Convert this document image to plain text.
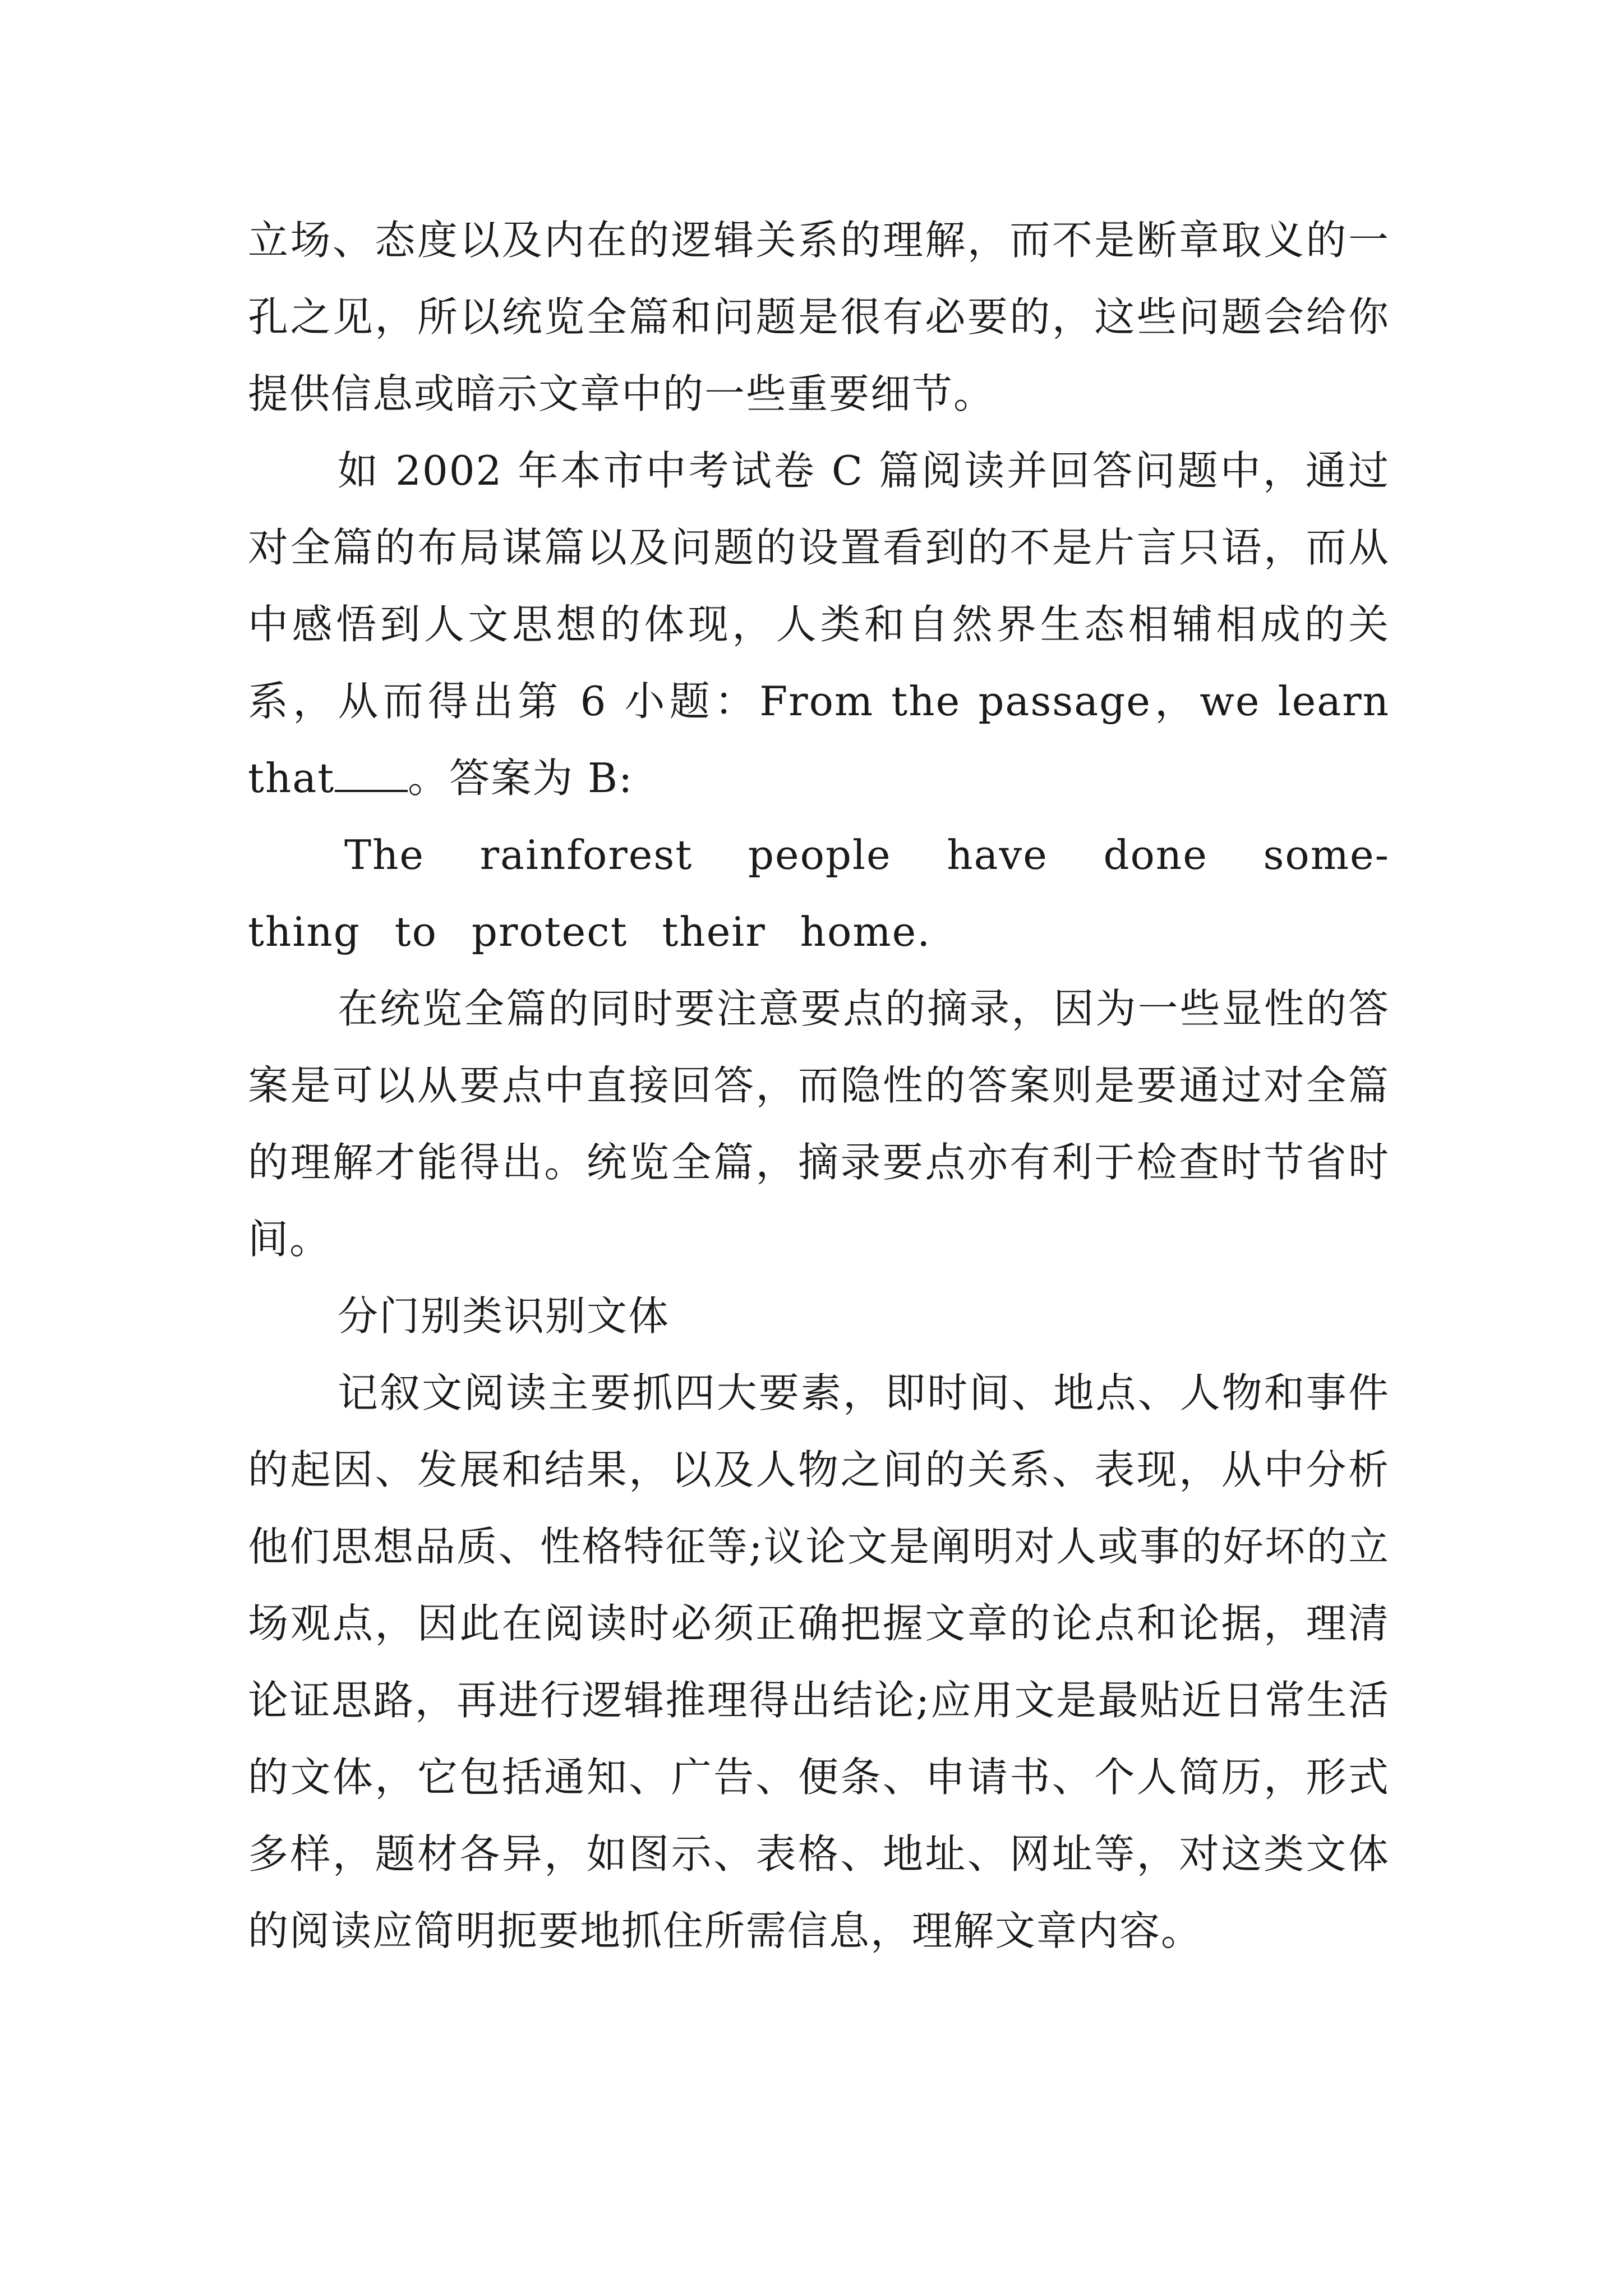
立场、态度以及内在的逻辑关系的理解，而不是断章取义的一孔之见，所以统览全篇和问题是很有必要的，这些问题会给你提供信息或暗示文章中的一些重要细节。

如 2002 年本市中考试卷 C 篇阅读并回答问题中，通过对全篇的布局谋篇以及问题的设置看到的不是片言只语，而从中感悟到人文思想的体现，人类和自然界生态相辅相成的关系，从而得出第 6 小题：From the passage，we learn that 。答案为 B:

The rainforest people have done some- thing to protect their home.

在统览全篇的同时要注意要点的摘录，因为一些显性的答案是可以从要点中直接回答，而隐性的答案则是要通过对全篇的理解才能得出。统览全篇，摘录要点亦有利于检查时节省时间。

分门别类识别文体

记叙文阅读主要抓四大要素，即时间、地点、人物和事件的起因、发展和结果，以及人物之间的关系、表现，从中分析他们思想品质、性格特征等;议论文是阐明对人或事的好坏的立场观点，因此在阅读时必须正确把握文章的论点和论据，理清论证思路，再进行逻辑推理得出结论;应用文是最贴近日常生活的文体，它包括通知、广告、便条、申请书、个人简历，形式多样，题材各异，如图示、表格、地址、网址等，对这类文体的阅读应简明扼要地抓住所需信息，理解文章内容。
